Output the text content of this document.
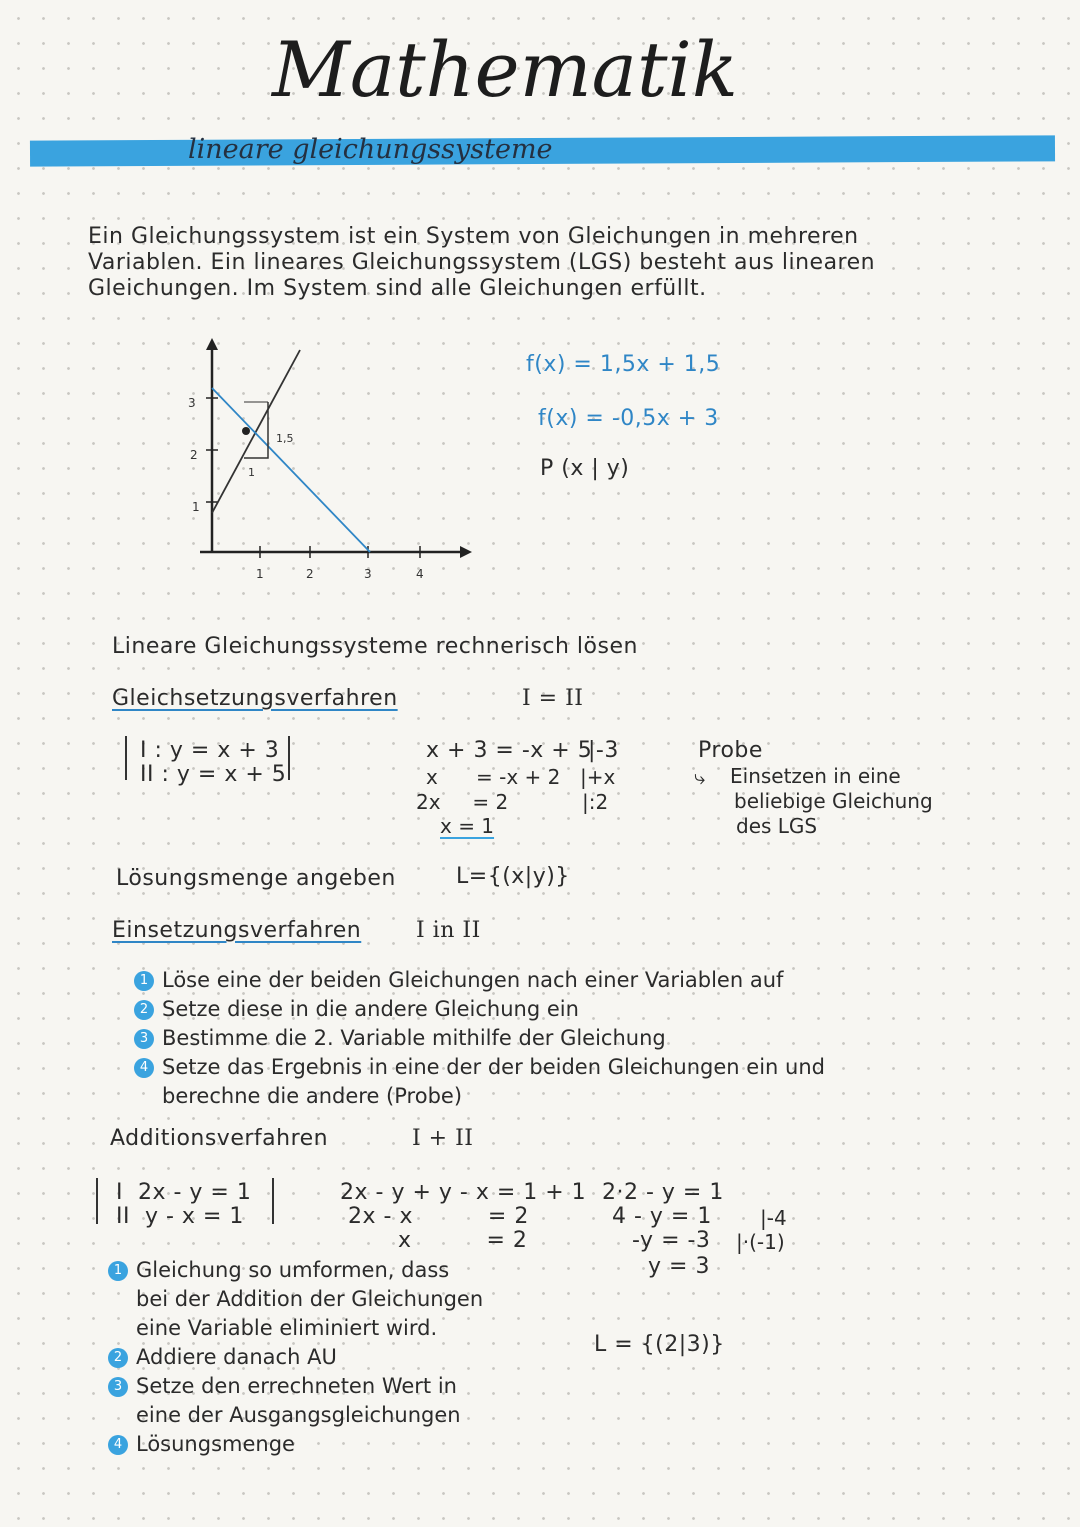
Mathematik
lineare gleichungssysteme
Ein Gleichungssystem ist ein System von Gleichungen in mehreren
Variablen. Ein lineares Gleichungssystem (LGS) besteht aus linearen
Gleichungen. Im System sind alle Gleichungen erfüllt.
3
2
1
1	2	3	4
1
1,5
f(x) = 1,5x + 1,5
f(x) = -0,5x + 3
P (x | y)
Lineare Gleichungssysteme rechnerisch lösen
Gleichsetzungsverfahren	I = II
I : y = x + 3
II : y = x + 5
x + 3 = -x + 5
|-3
x      = -x + 2 |+x
2x     = 2	|:2
x = 1
Probe
⤷ Einsetzen in eine
beliebige Gleichung
des LGS
Lösungsmenge angeben	L={(x|y)}
Einsetzungsverfahren I in II
1 Löse eine der beiden Gleichungen nach einer Variablen auf
2 Setze diese in die andere Gleichung ein
3 Bestimme die 2. Variable mithilfe der Gleichung
4 Setze das Ergebnis in eine der der beiden Gleichungen ein und
berechne die andere (Probe)
Additionsverfahren	I + II
I  2x - y = 1
II  y - x = 1
2x - y + y - x = 1 + 1
2x - x          = 2
x          = 2
2·2 - y = 1
4 - y = 1 |-4
-y = -3 |·(-1)
y = 3
L = {(2|3)}
1 Gleichung so umformen, dass
bei der Addition der Gleichungen
eine Variable eliminiert wird.
2 Addiere danach AU
3 Setze den errechneten Wert in
eine der Ausgangsgleichungen
4 Lösungsmenge
